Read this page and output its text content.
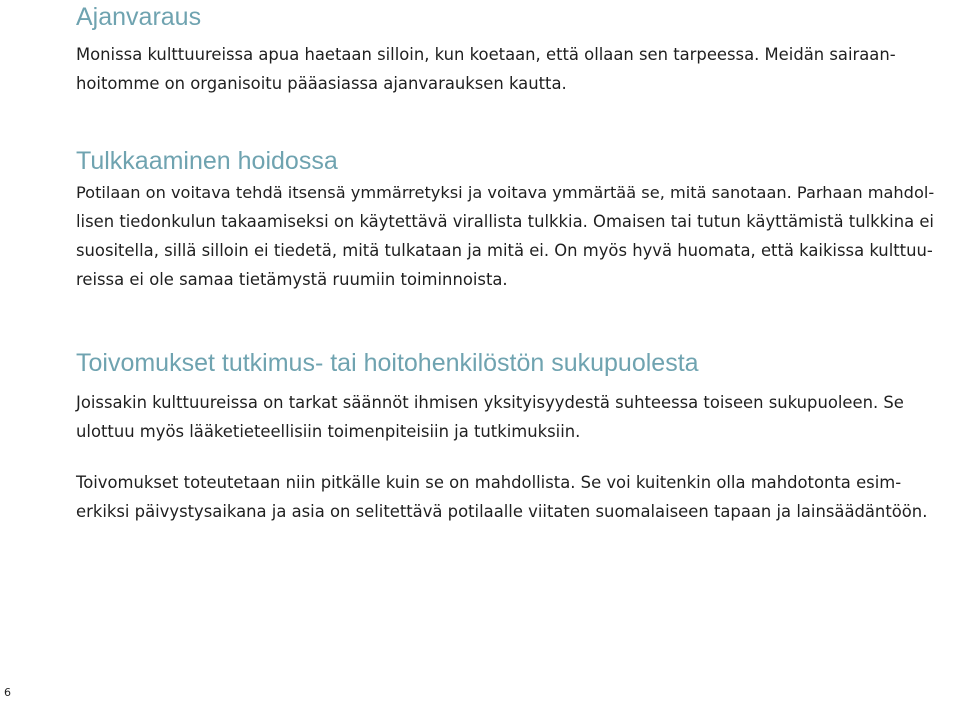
Ajanvaraus
Monissa kulttuureissa apua haetaan silloin, kun koetaan, että ollaan sen tarpeessa. Meidän sairaan-
hoitomme on organisoitu pääasiassa ajanvarauksen kautta.
Tulkkaaminen hoidossa
Potilaan on voitava tehdä itsensä ymmärretyksi ja voitava ymmärtää se, mitä sanotaan. Parhaan mahdol-
lisen tiedonkulun takaamiseksi on käytettävä virallista tulkkia. Omaisen tai tutun käyttämistä tulkkina ei
suositella, sillä silloin ei tiedetä, mitä tulkataan ja mitä ei. On myös hyvä huomata, että kaikissa kulttuu-
reissa ei ole samaa tietämystä ruumiin toiminnoista.
Toivomukset tutkimus- tai hoitohenkilöstön sukupuolesta
Joissakin kulttuureissa on tarkat säännöt ihmisen yksityisyydestä suhteessa toiseen sukupuoleen. Se
ulottuu myös lääketieteellisiin toimenpiteisiin ja tutkimuksiin.
Toivomukset toteutetaan niin pitkälle kuin se on mahdollista. Se voi kuitenkin olla mahdotonta esim-
erkiksi päivystysaikana ja asia on selitettävä potilaalle viitaten suomalaiseen tapaan ja lainsäädäntöön.
6
